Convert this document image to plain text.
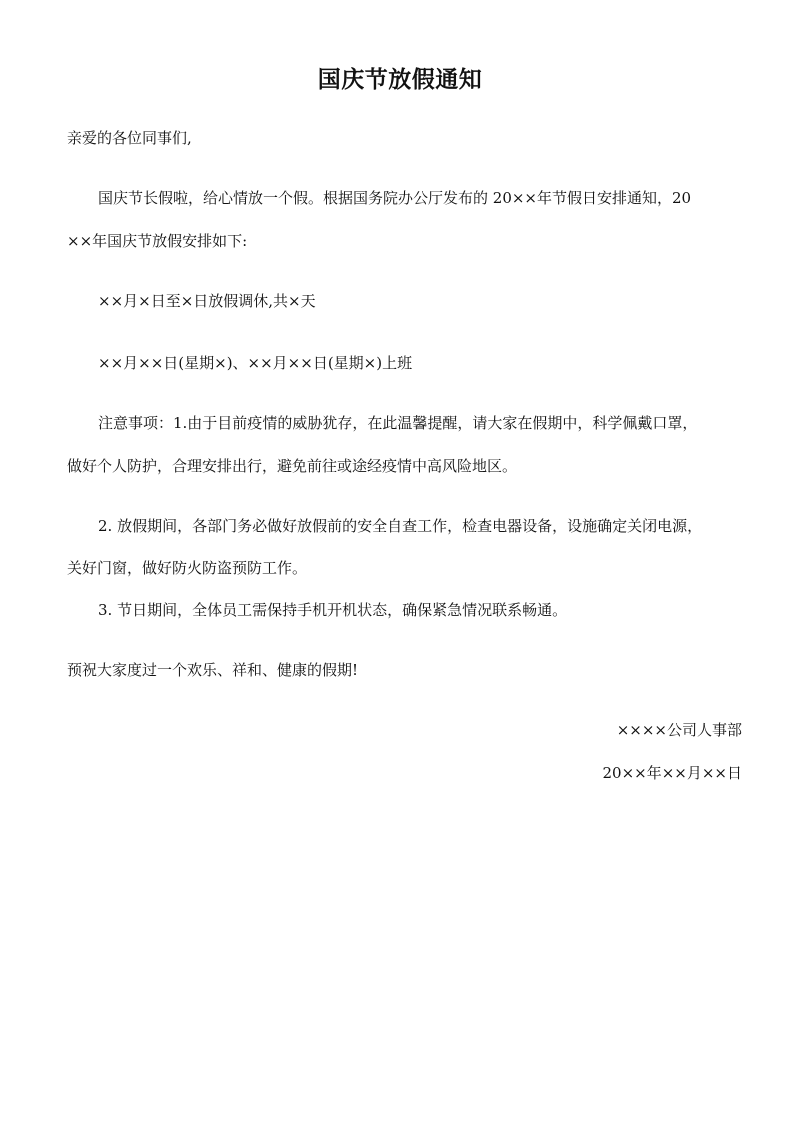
国庆节放假通知
亲爱的各位同事们,
国庆节长假啦，给心情放一个假。根据国务院办公厅发布的 20××年节假日安排通知，20
××年国庆节放假安排如下:
××月×日至×日放假调休,共×天
××月××日(星期×)、××月××日(星期×)上班
注意事项：1.由于目前疫情的威胁犹存，在此温馨提醒，请大家在假期中，科学佩戴口罩，
做好个人防护，合理安排出行，避免前往或途经疫情中高风险地区。
2. 放假期间，各部门务必做好放假前的安全自查工作，检查电器设备，设施确定关闭电源，
关好门窗，做好防火防盗预防工作。
3. 节日期间，全体员工需保持手机开机状态，确保紧急情况联系畅通。
预祝大家度过一个欢乐、祥和、健康的假期!
××××公司人事部
20××年××月××日
